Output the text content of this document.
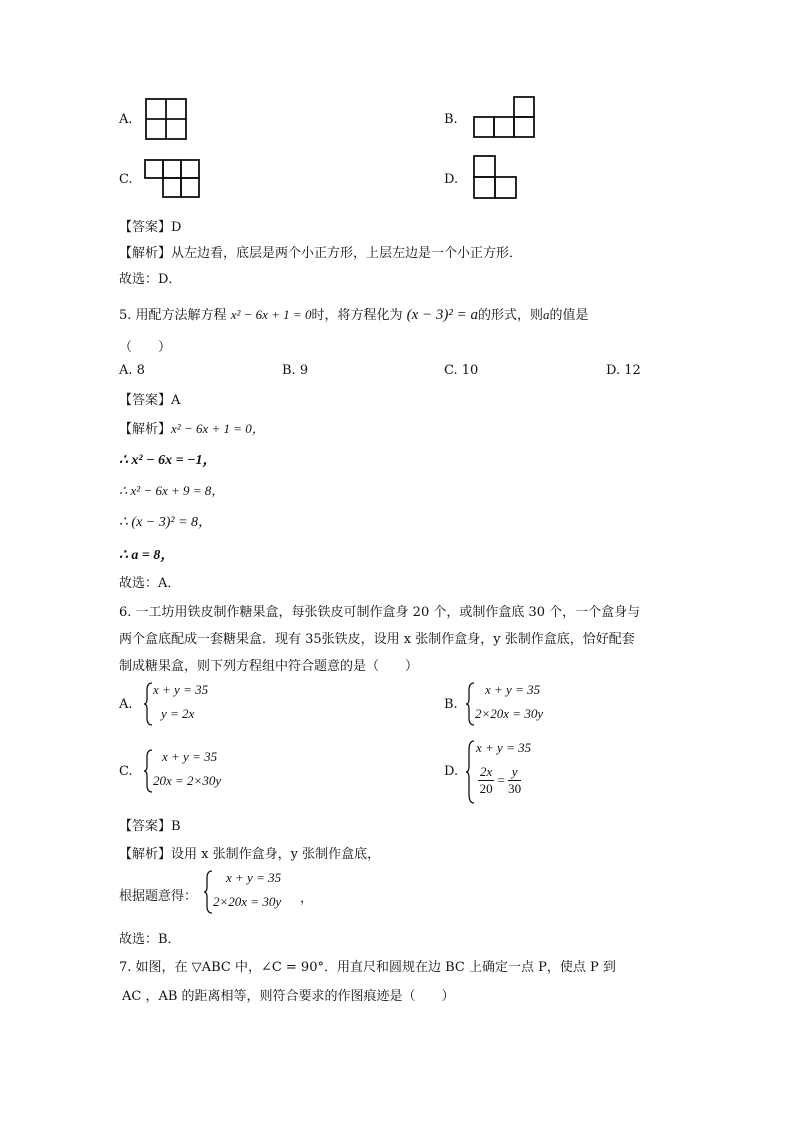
A.	B.
C.	D.
【答案】D
【解析】从左边看，底层是两个小正方形，上层左边是一个小正方形．
故选：D．
5. 用配方法解方程 x² − 6x + 1 = 0时，将方程化为 (x − 3)² = a的形式，则a的值是
（　　）
A. 8	B. 9	C. 10	D. 12
【答案】A
【解析】x² − 6x + 1 = 0，
∴ x² − 6x = −1，
∴ x² − 6x + 9 = 8，
∴ (x − 3)² = 8，
∴ a = 8，
故选：A．
6. 一工坊用铁皮制作糖果盒，每张铁皮可制作盒身 20 个，或制作盒底 30 个，一个盒身与
两个盒底配成一套糖果盒．现有 35张铁皮，设用 x 张制作盒身，y 张制作盒底，恰好配套
制成糖果盒，则下列方程组中符合题意的是（　　）
A.
x + y = 35
y = 2x
B.
x + y = 35
2×20x = 30y
C.
x + y = 35
20x = 2×30y
D.
x + y = 35
$\frac{2x}{20} = \frac{y}{30}$
【答案】B
【解析】设用 x 张制作盒身，y 张制作盒底，
根据题意得：
x + y = 35
2×20x = 30y ，
故选：B．
7. 如图，在 ▽ABC 中，∠C = 90°．用直尺和圆规在边 BC 上确定一点 P，使点 P 到
AC ，AB 的距离相等，则符合要求的作图痕迹是（　　）
